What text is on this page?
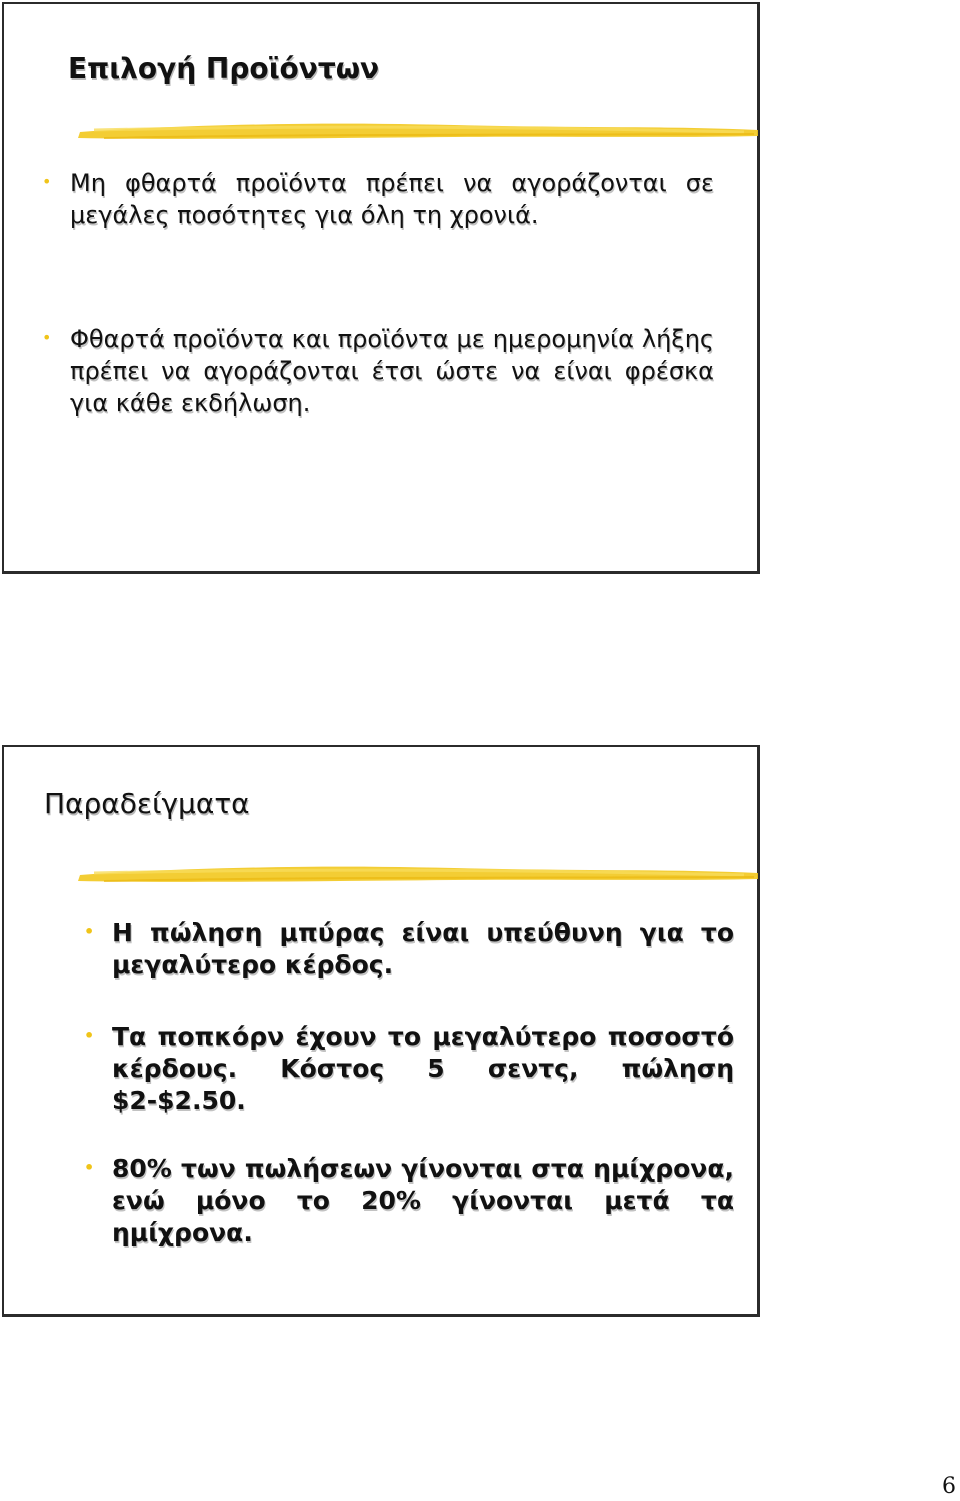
Επιλογή Προϊόντων
• Μη φθαρτά προϊόντα πρέπει να αγοράζονται σε μεγάλες ποσότητες για όλη τη χρονιά.
• Φθαρτά προϊόντα και προϊόντα με ημερομηνία λήξης πρέπει να αγοράζονται έτσι ώστε να είναι φρέσκα για κάθε εκδήλωση.
Παραδείγματα
• Η πώληση μπύρας είναι υπεύθυνη για το μεγαλύτερο κέρδος.
• Τα ποπκόρν έχουν το μεγαλύτερο ποσοστό κέρδους. Κόστος 5 σεντς, πώληση $2-$2.50.
• 80% των πωλήσεων γίνονται στα ημίχρονα, ενώ μόνο το 20% γίνονται μετά τα ημίχρονα.
6
